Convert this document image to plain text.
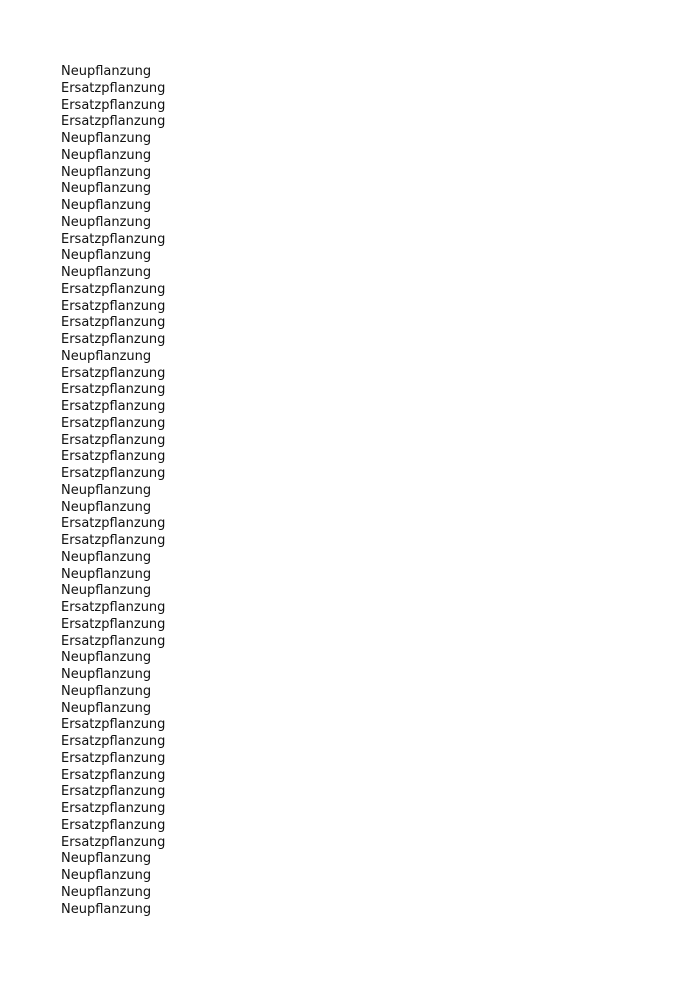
Neupflanzung
Ersatzpflanzung
Ersatzpflanzung
Ersatzpflanzung
Neupflanzung
Neupflanzung
Neupflanzung
Neupflanzung
Neupflanzung
Neupflanzung
Ersatzpflanzung
Neupflanzung
Neupflanzung
Ersatzpflanzung
Ersatzpflanzung
Ersatzpflanzung
Ersatzpflanzung
Neupflanzung
Ersatzpflanzung
Ersatzpflanzung
Ersatzpflanzung
Ersatzpflanzung
Ersatzpflanzung
Ersatzpflanzung
Ersatzpflanzung
Neupflanzung
Neupflanzung
Ersatzpflanzung
Ersatzpflanzung
Neupflanzung
Neupflanzung
Neupflanzung
Ersatzpflanzung
Ersatzpflanzung
Ersatzpflanzung
Neupflanzung
Neupflanzung
Neupflanzung
Neupflanzung
Ersatzpflanzung
Ersatzpflanzung
Ersatzpflanzung
Ersatzpflanzung
Ersatzpflanzung
Ersatzpflanzung
Ersatzpflanzung
Ersatzpflanzung
Neupflanzung
Neupflanzung
Neupflanzung
Neupflanzung
